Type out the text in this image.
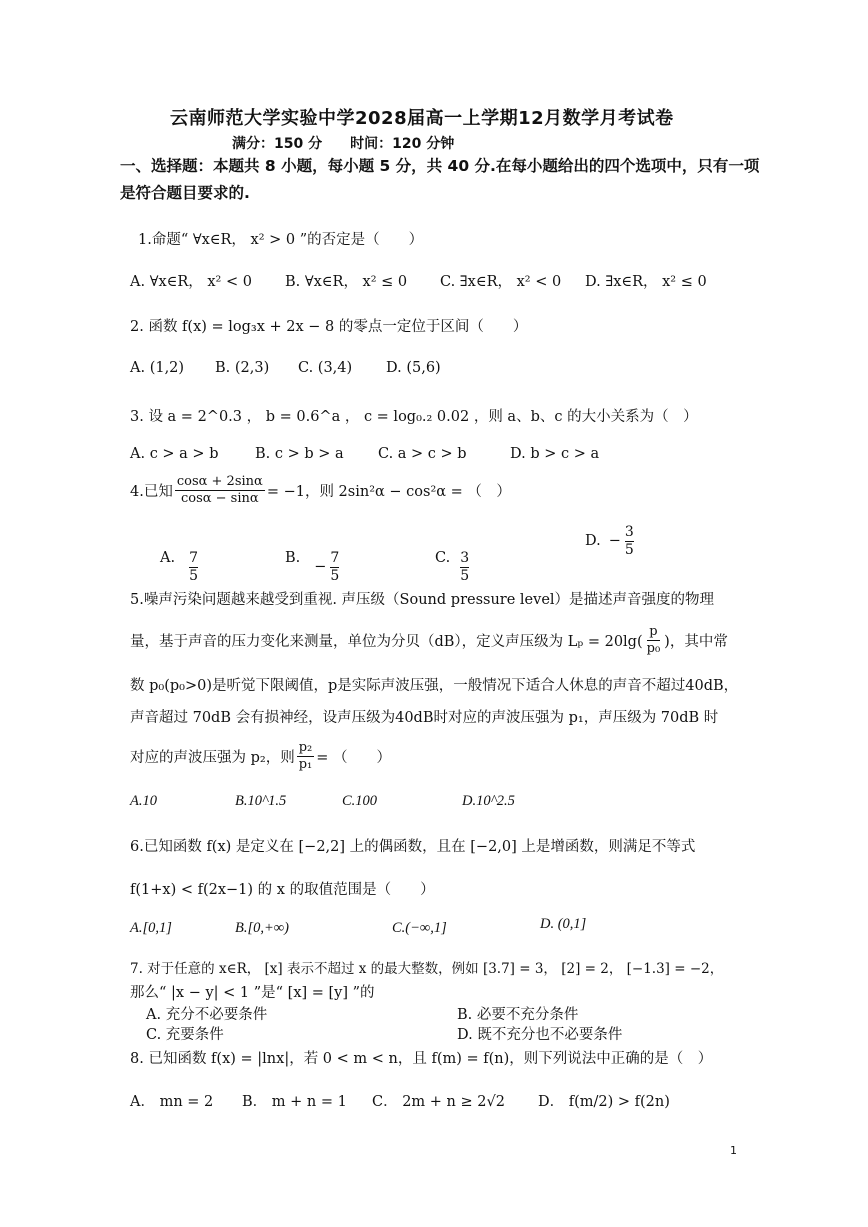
云南师范大学实验中学2028届高一上学期12月数学月考试卷
满分：150 分　　时间：120 分钟
一、选择题：本题共 8 小题，每小题 5 分，共 40 分.在每小题给出的四个选项中，只有一项
是符合题目要求的.
1.命题“ ∀x∈R， x² > 0 ”的否定是（　　）
A. ∀x∈R， x² < 0 B. ∀x∈R， x² ≤ 0 C. ∃x∈R， x² < 0 D. ∃x∈R， x² ≤ 0
2. 函数 f(x) = log₃x + 2x − 8 的零点一定位于区间（　　）
A. (1,2) B. (2,3) C. (3,4) D. (5,6)
3. 设 a = 2^0.3 ， b = 0.6^a ， c = log₀.₂ 0.02 ，则 a、b、c 的大小关系为（　）
A. c > a > b	B. c > b > a C. a > c > b	D. b > c > a
4.已知 $\frac{\cos\alpha + 2\sin\alpha}{\cos\alpha - \sin\alpha} = -1$，则 2sin²α − cos²α = （　）
A. $\frac{7}{5}$	B.
− $\frac{7}{5}$	C. $\frac{3}{5}$
D. − $\frac{3}{5}$
5.噪声污染问题越来越受到重视. 声压级（Sound pressure level）是描述声音强度的物理
量，基于声音的压力变化来测量，单位为分贝（dB），定义声压级为 $L_p = 20\lg( \frac{p}{\text{p₀}}$ )，其中常
数 p₀(p₀>0)是听觉下限阈值，p是实际声波压强，一般情况下适合人休息的声音不超过40dB，
声音超过 70dB 会有损神经，设声压级为40dB时对应的声波压强为 p₁，声压级为 70dB 时
对应的声波压强为 p₂，则 $\frac{\text{p₂}}{\text{p₁}}$ = （　　）
A.10	B.10^1.5	C.100	D.10^2.5
6.已知函数 f(x) 是定义在 [−2,2] 上的偶函数，且在 [−2,0] 上是增函数，则满足不等式
f(1+x) < f(2x−1) 的 x 的取值范围是（　　）
A.[0,1]	B.[0,+∞)	C.(−∞,1]	D. (0,1]
7. 对于任意的 x∈R， [x] 表示不超过 x 的最大整数，例如 [3.7] = 3， [2] = 2， [−1.3] = −2，
那么“ |x − y| < 1 ”是“ [x] = [y] ”的
A. 充分不必要条件	B. 必要不充分条件
C. 充要条件	D. 既不充分也不必要条件
8. 已知函数 f(x) = |lnx|，若 0 < m < n，且 f(m) = f(n)，则下列说法中正确的是（　）
A． mn = 2 B． m + n = 1 C． 2m + n ≥ 2√2 D． f(m/2) > f(2n)
1
